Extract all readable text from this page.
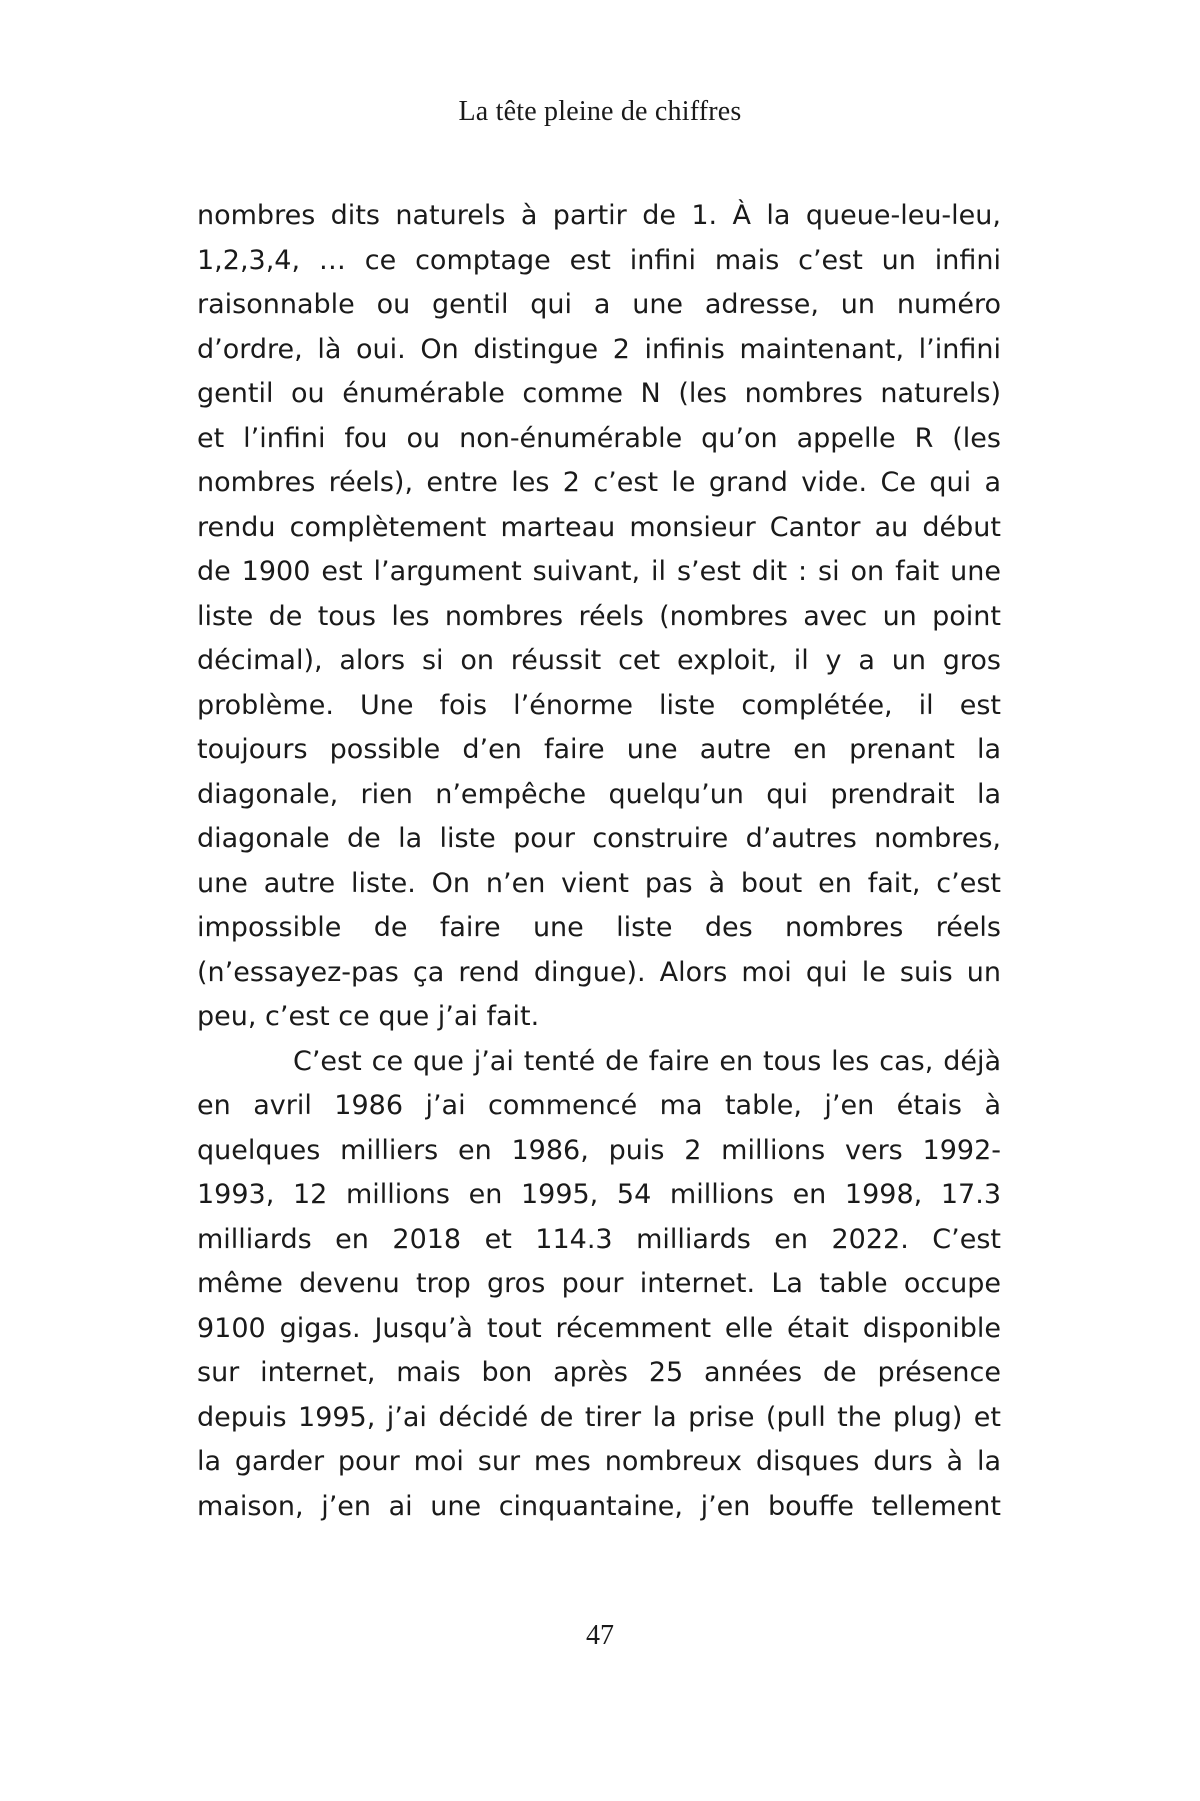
La tête pleine de chiffres
nombres dits naturels à partir de 1. À la queue-leu-leu,
1,2,3,4, … ce comptage est infini mais c’est un infini
raisonnable ou gentil qui a une adresse, un numéro
d’ordre, là oui. On distingue 2 infinis maintenant, l’infini
gentil ou énumérable comme N (les nombres naturels)
et l’infini fou ou non-énumérable qu’on appelle R (les
nombres réels), entre les 2 c’est le grand vide. Ce qui a
rendu complètement marteau monsieur Cantor au début
de 1900 est l’argument suivant, il s’est dit : si on fait une
liste de tous les nombres réels (nombres avec un point
décimal), alors si on réussit cet exploit, il y a un gros
problème. Une fois l’énorme liste complétée, il est
toujours possible d’en faire une autre en prenant la
diagonale, rien n’empêche quelqu’un qui prendrait la
diagonale de la liste pour construire d’autres nombres,
une autre liste. On n’en vient pas à bout en fait, c’est
impossible de faire une liste des nombres réels
(n’essayez-pas ça rend dingue). Alors moi qui le suis un
peu, c’est ce que j’ai fait.
C’est ce que j’ai tenté de faire en tous les cas, déjà
en avril 1986 j’ai commencé ma table, j’en étais à
quelques milliers en 1986, puis 2 millions vers 1992-
1993, 12 millions en 1995, 54 millions en 1998, 17.3
milliards en 2018 et 114.3 milliards en 2022. C’est
même devenu trop gros pour internet. La table occupe
9100 gigas. Jusqu’à tout récemment elle était disponible
sur internet, mais bon après 25 années de présence
depuis 1995, j’ai décidé de tirer la prise (pull the plug) et
la garder pour moi sur mes nombreux disques durs à la
maison, j’en ai une cinquantaine, j’en bouffe tellement
47
